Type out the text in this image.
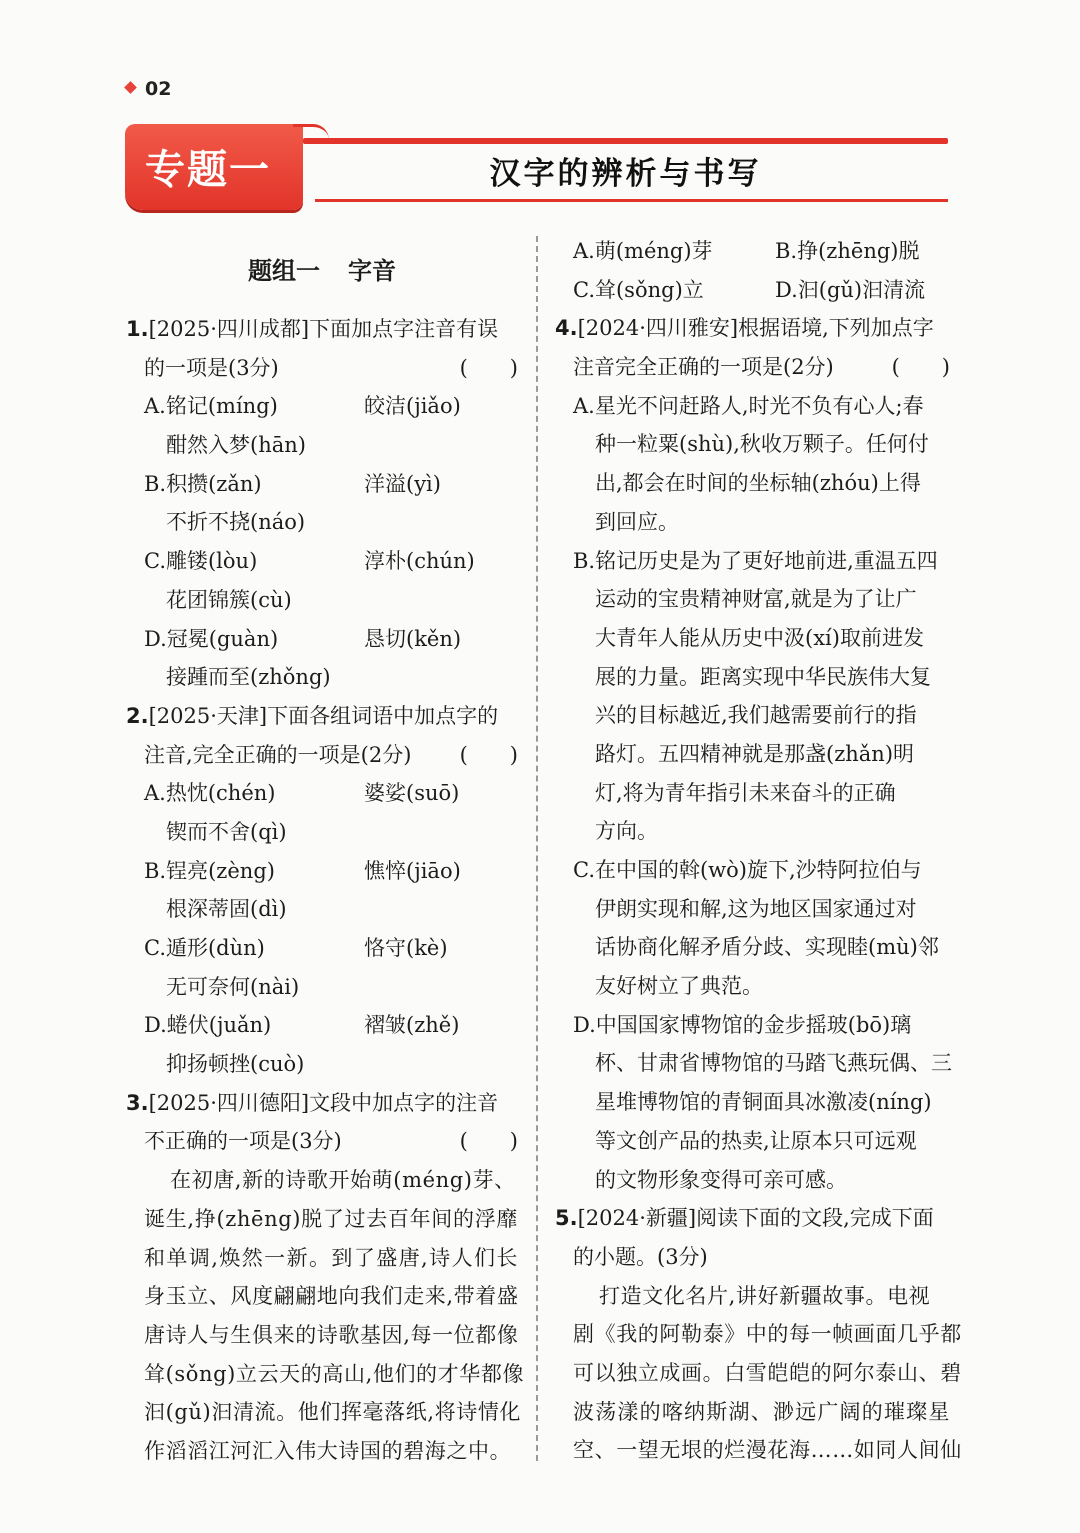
02
专题一	汉字的辨析与书写
题组一 字音
1.[2025·四川成都]下面加点字注音有误
的一项是(3分)	(　　)
A.铭记(míng)	皎洁(jiǎo)
酣然入梦(hān)
B.积攒(zǎn)	洋溢(yì)
不折不挠(náo)
C.雕镂(lòu)	淳朴(chún)
花团锦簇(cù)
D.冠冕(guàn)	恳切(kěn)
接踵而至(zhǒng)
2.[2025·天津]下面各组词语中加点字的
注音,完全正确的一项是(2分) (　　)
A.热忱(chén)	婆娑(suō)
锲而不舍(qì)
B.锃亮(zèng)	憔悴(jiāo)
根深蒂固(dì)
C.遁形(dùn)	恪守(kè)
无可奈何(nài)
D.蜷伏(juǎn)	褶皱(zhě)
抑扬顿挫(cuò)
3.[2025·四川德阳]文段中加点字的注音
不正确的一项是(3分)	(　　)
在初唐,新的诗歌开始萌(méng)芽、
诞生,挣(zhēng)脱了过去百年间的浮靡
和单调,焕然一新。到了盛唐,诗人们长
身玉立、风度翩翩地向我们走来,带着盛
唐诗人与生俱来的诗歌基因,每一位都像
耸(sǒng)立云天的高山,他们的才华都像
汩(gǔ)汩清流。他们挥毫落纸,将诗情化
作滔滔江河汇入伟大诗国的碧海之中。
A.萌(méng)芽	B.挣(zhēng)脱
C.耸(sǒng)立	D.汩(gǔ)汩清流
4.[2024·四川雅安]根据语境,下列加点字
注音完全正确的一项是(2分)	(　　)
A.星光不问赶路人,时光不负有心人;春
种一粒粟(shù),秋收万颗子。任何付
出,都会在时间的坐标轴(zhóu)上得
到回应。
B.铭记历史是为了更好地前进,重温五四
运动的宝贵精神财富,就是为了让广
大青年人能从历史中汲(xí)取前进发
展的力量。距离实现中华民族伟大复
兴的目标越近,我们越需要前行的指
路灯。五四精神就是那盏(zhǎn)明
灯,将为青年指引未来奋斗的正确
方向。
C.在中国的斡(wò)旋下,沙特阿拉伯与
伊朗实现和解,这为地区国家通过对
话协商化解矛盾分歧、实现睦(mù)邻
友好树立了典范。
D.中国国家博物馆的金步摇玻(bō)璃
杯、甘肃省博物馆的马踏飞燕玩偶、三
星堆博物馆的青铜面具冰激凌(níng)
等文创产品的热卖,让原本只可远观
的文物形象变得可亲可感。
5.[2024·新疆]阅读下面的文段,完成下面
的小题。(3分)
打造文化名片,讲好新疆故事。电视
剧《我的阿勒泰》中的每一帧画面几乎都
可以独立成画。白雪皑皑的阿尔泰山、碧
波荡漾的喀纳斯湖、渺远广阔的璀璨星
空、一望无垠的烂漫花海……如同人间仙
